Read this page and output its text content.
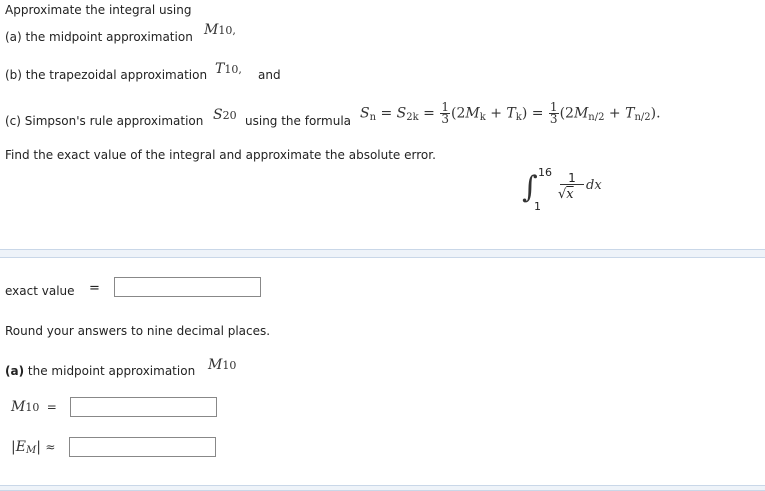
Approximate the integral using
(a) the midpoint approximation M10,
(b) the trapezoidal approximation T10, and
(c) Simpson's rule approximation S20 using the formula $Sn = S2k = \frac{1}{3} (2Mk + Tk) = \frac{1}{3} (2Mn/2 + Tn/2)$.
Find the exact value of the integral and approximate the absolute error.
∫ 16
1
1
√x
dx
exact value =
Round your answers to nine decimal places.
(a) the midpoint approximation M10
M10 =
|EM| ≈
